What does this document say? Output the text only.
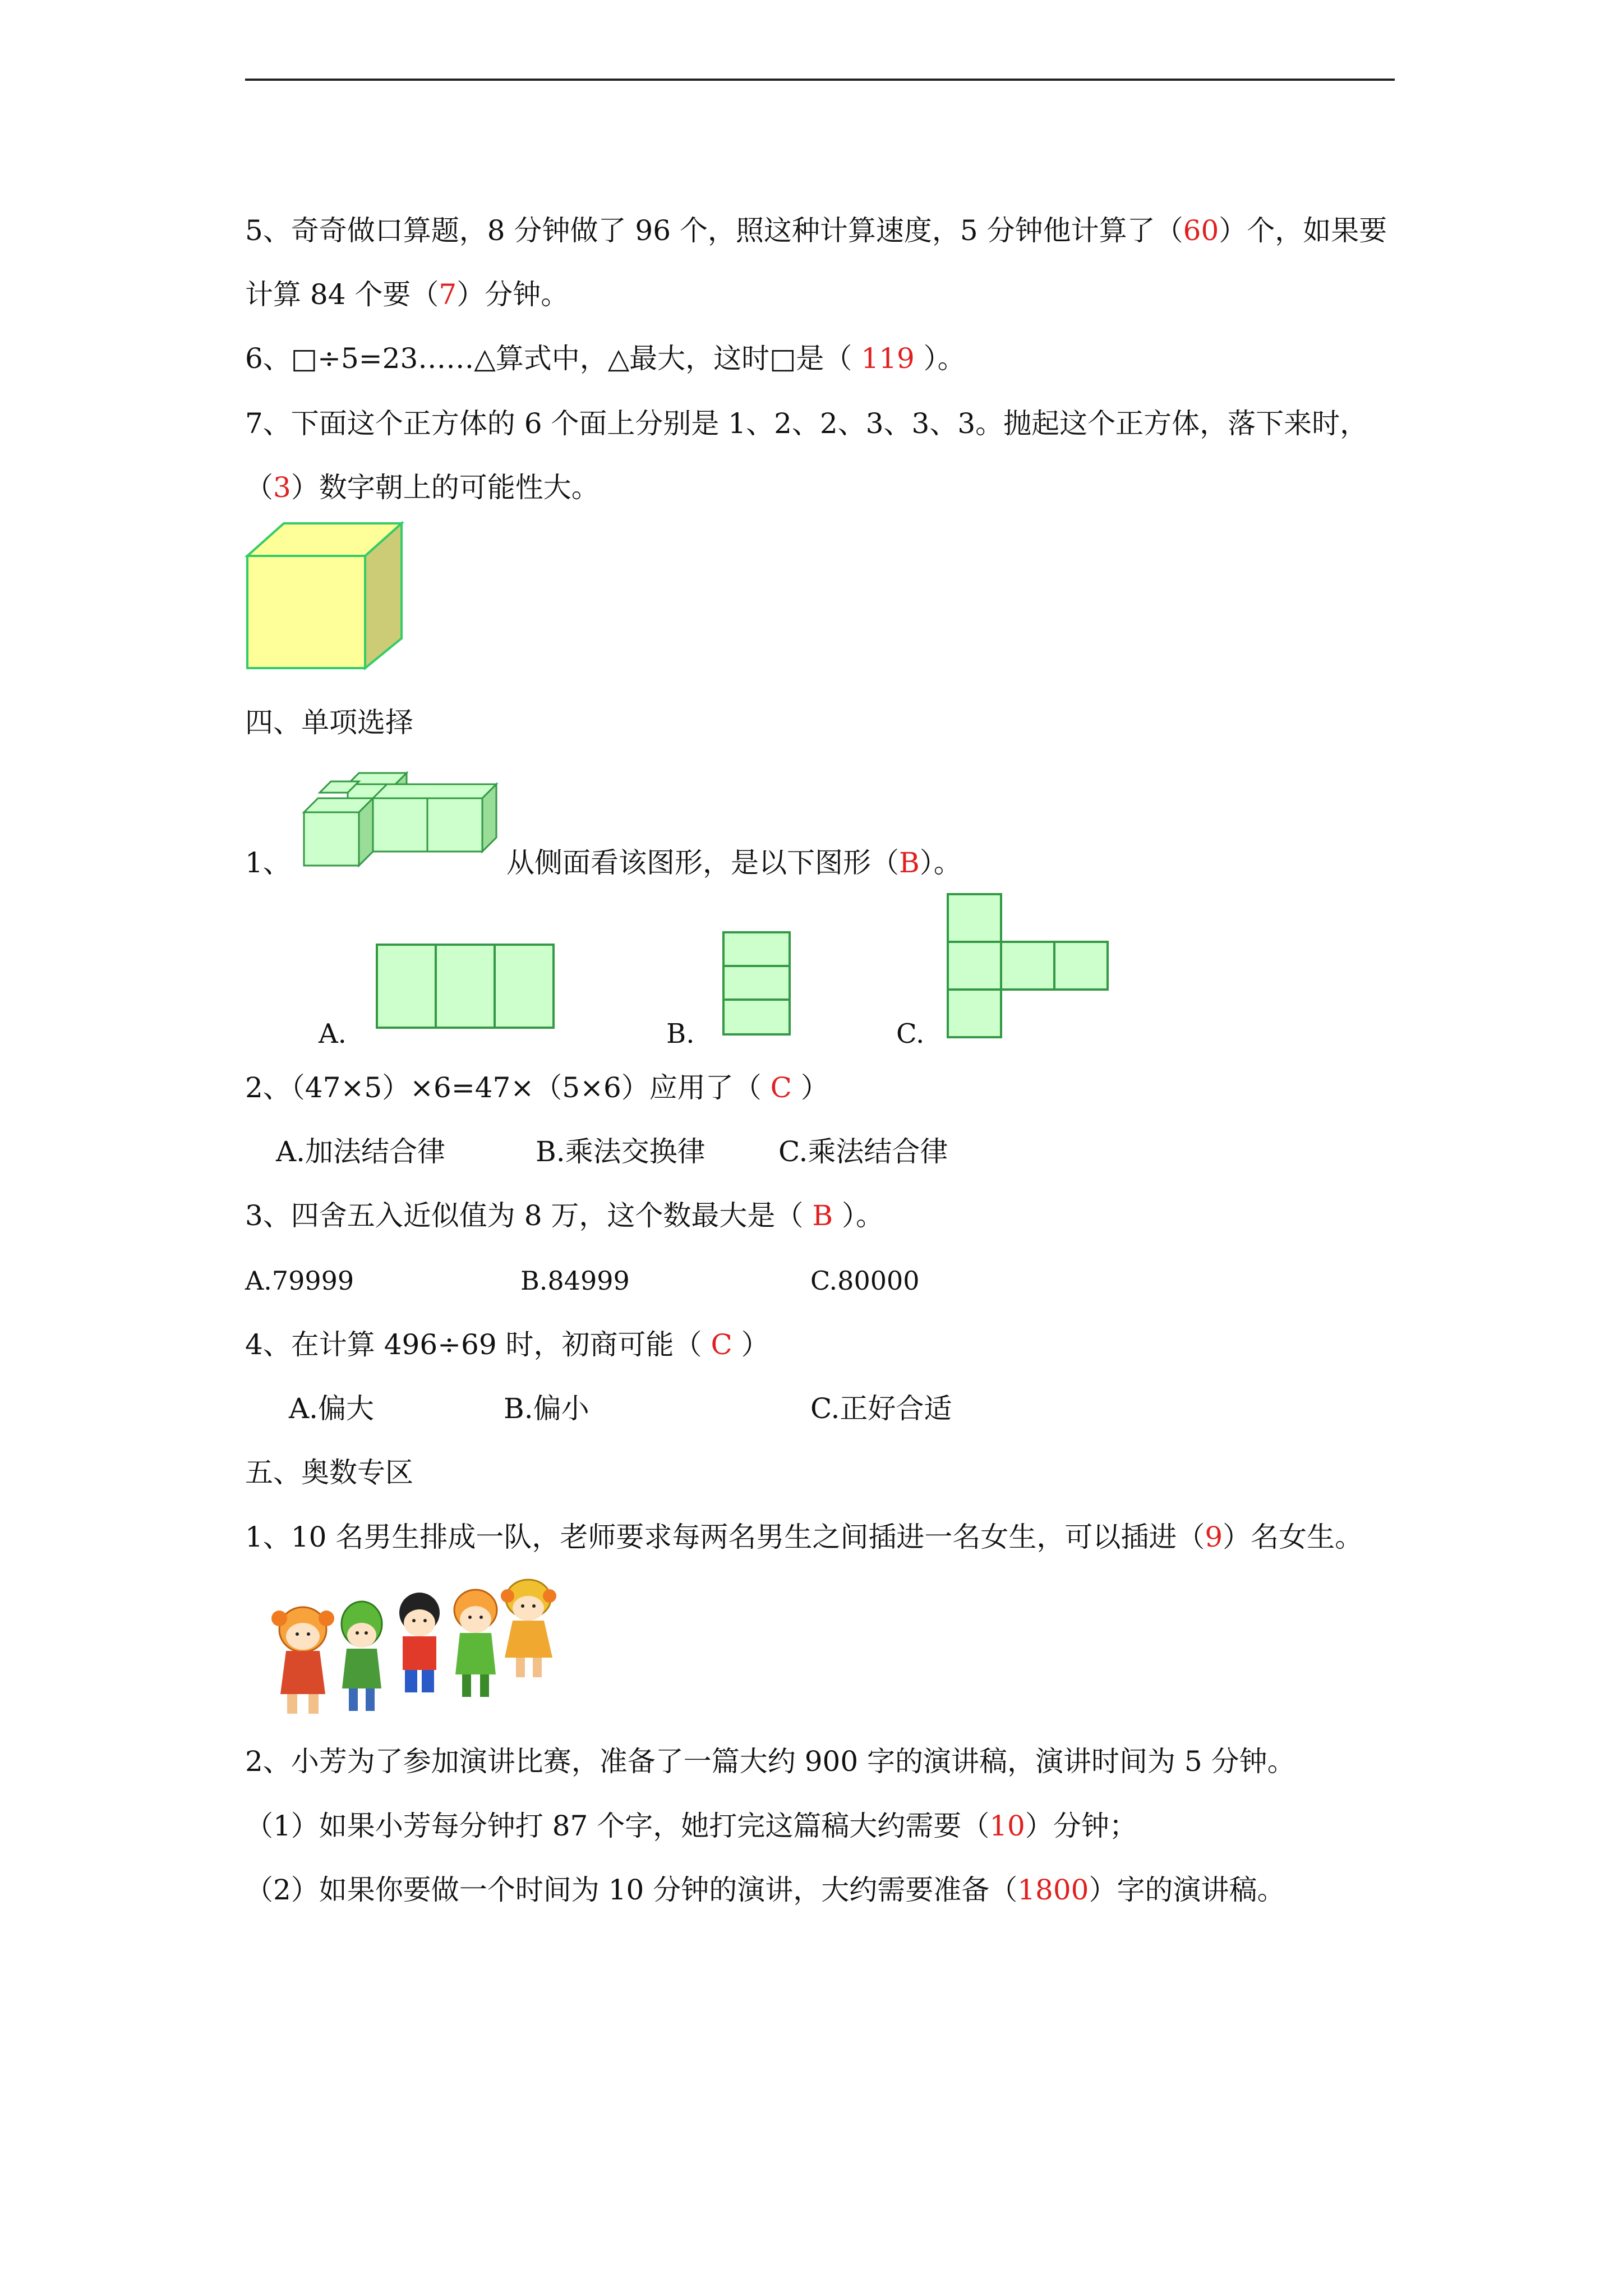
5、奇奇做口算题，8 分钟做了 96 个，照这种计算速度，5 分钟他计算了（60）个，如果要
计算 84 个要（7）分钟。
6、□÷5=23……△算式中，△最大，这时□是（ 119 ）。
7、下面这个正方体的 6 个面上分别是 1、2、2、3、3、3。抛起这个正方体，落下来时，
（3）数字朝上的可能性大。
四、单项选择
1、	从侧面看该图形，是以下图形（B）。
A.	B.	C.
2、（47×5）×6=47×（5×6）应用了（ C ）
A.加法结合律	B.乘法交换律	C.乘法结合律
3、四舍五入近似值为 8 万，这个数最大是（ B ）。
A.79999	B.84999	C.80000
4、在计算 496÷69 时，初商可能（ C ）
A.偏大	B.偏小	C.正好合适
五、奥数专区
1、10 名男生排成一队，老师要求每两名男生之间插进一名女生，可以插进（9）名女生。
2、小芳为了参加演讲比赛，准备了一篇大约 900 字的演讲稿，演讲时间为 5 分钟。
（1）如果小芳每分钟打 87 个字，她打完这篇稿大约需要（10）分钟；
（2）如果你要做一个时间为 10 分钟的演讲，大约需要准备（1800）字的演讲稿。
